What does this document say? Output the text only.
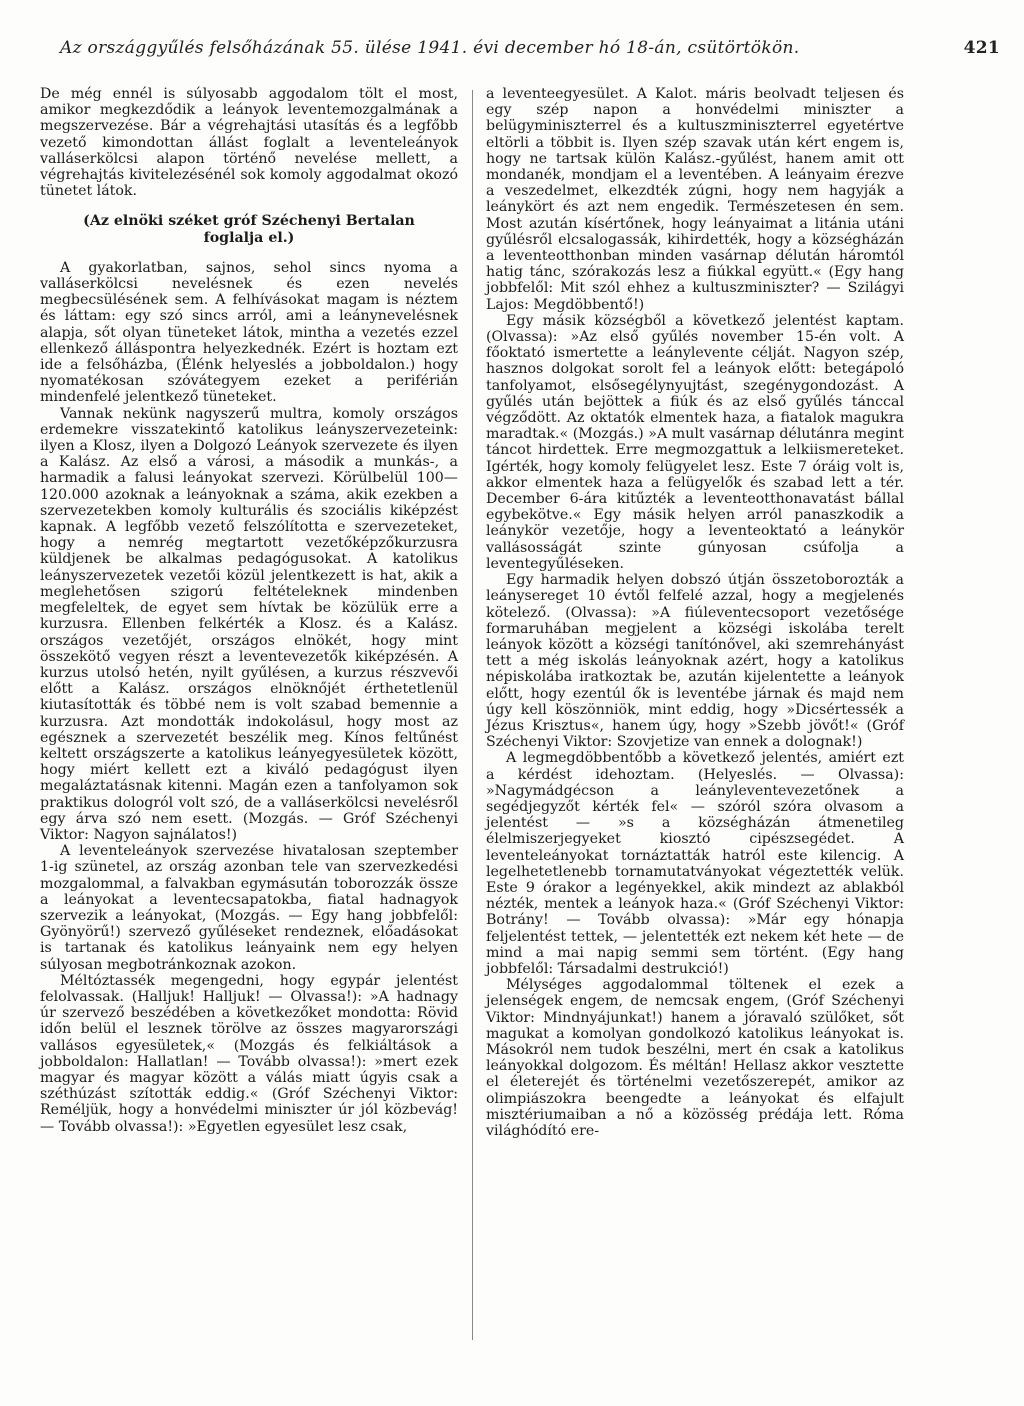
Az országgyűlés felsőházának 55. ülése 1941. évi december hó 18-án, csütörtökön.	421

De még ennél is súlyosabb aggodalom tölt el most, amikor megkezdődik a leányok leventemozgalmának a megszervezése. Bár a végrehajtási utasítás és a legfőbb vezető kimondottan állást foglalt a leventeleányok valláserkölcsi alapon történő nevelése mellett, a végrehajtás kivitelezésénél sok komoly aggodalmat okozó tünetet látok.

(Az elnöki széket gróf Széchenyi Bertalan foglalja el.)

A gyakorlatban, sajnos, sehol sincs nyoma a valláserkölcsi nevelésnek és ezen nevelés megbecsülésének sem. A felhívásokat magam is néztem és láttam: egy szó sincs arról, ami a leánynevelésnek alapja, sőt olyan tüneteket látok, mintha a vezetés ezzel ellenkező álláspontra helyezkednék. Ezért is hoztam ezt ide a felsőházba, (Élénk helyeslés a jobboldalon.) hogy nyomatékosan szóvátegyem ezeket a periférián mindenfelé jelentkező tüneteket.

Vannak nekünk nagyszerű multra, komoly országos erdemekre visszatekintő katolikus leányszervezeteink: ilyen a Klosz, ilyen a Dolgozó Leányok szervezete és ilyen a Kalász. Az első a városi, a második a munkás-, a harmadik a falusi leányokat szervezi. Körülbelül 100—120.000 azoknak a leányoknak a száma, akik ezekben a szervezetekben komoly kulturális és szociális kiképzést kapnak. A legfőbb vezető felszólította e szervezeteket, hogy a nemrég megtartott vezetőképzőkurzusra küldjenek be alkalmas pedagógusokat. A katolikus leányszervezetek vezetői közül jelentkezett is hat, akik a meglehetősen szigorú feltételeknek mindenben megfeleltek, de egyet sem hívtak be közülük erre a kurzusra. Ellenben felkérték a Klosz. és a Kalász. országos vezetőjét, országos elnökét, hogy mint összekötő vegyen részt a leventevezetők kiképzésén. A kurzus utolsó hetén, nyilt gyűlésen, a kurzus részvevői előtt a Kalász. országos elnöknőjét érthetetlenül kiutasították és többé nem is volt szabad bemennie a kurzusra. Azt mondották indokolásul, hogy most az egésznek a szervezetét beszélik meg. Kínos feltűnést keltett országszerte a katolikus leányegyesületek között, hogy miért kellett ezt a kiváló pedagógust ilyen megaláztatásnak kitenni. Magán ezen a tanfolyamon sok praktikus dologról volt szó, de a valláserkölcsi nevelésről egy árva szó nem esett. (Mozgás. — Gróf Széchenyi Viktor: Nagyon sajnálatos!)

A leventeleányok szervezése hivatalosan szeptember 1-ig szünetel, az ország azonban tele van szervezkedési mozgalommal, a falvakban egymásután toborozzák össze a leányokat a leventecsapatokba, fiatal hadnagyok szervezik a leányokat, (Mozgás. — Egy hang jobbfelől: Gyönyörű!) szervező gyűléseket rendeznek, előadásokat is tartanak és katolikus leányaink nem egy helyen súlyosan megbotránkoznak azokon.

Méltóztassék megengedni, hogy egypár jelentést felolvassak. (Halljuk! Halljuk! — Olvassa!): »A hadnagy úr szervező beszédében a következőket mondotta: Rövid időn belül el lesznek törölve az összes magyarországi vallásos egyesületek,« (Mozgás és felkiáltások a jobboldalon: Hallatlan! — Tovább olvassa!): »mert ezek magyar és magyar között a válás miatt úgyis csak a széthúzást szították eddig.« (Gróf Széchenyi Viktor: Reméljük, hogy a honvédelmi miniszter úr jól közbevág! — Tovább olvassa!): »Egyetlen egyesület lesz csak,

a leventeegyesület. A Kalot. máris beolvadt teljesen és egy szép napon a honvédelmi miniszter a belügyminiszterrel és a kultuszminiszterrel egyetértve eltörli a többit is. Ilyen szép szavak után kért engem is, hogy ne tartsak külön Kalász.-gyűlést, hanem amit ott mondanék, mondjam el a leventében. A leányaim érezve a veszedelmet, elkezdték zúgni, hogy nem hagyják a leánykört és azt nem engedik. Természetesen én sem. Most azután kísértőnek, hogy leányaimat a litánia utáni gyűlésről elcsalogassák, kihirdették, hogy a községházán a leventeotthonban minden vasárnap délután háromtól hatig tánc, szórakozás lesz a fiúkkal együtt.« (Egy hang jobbfelől: Mit szól ehhez a kultuszminiszter? — Szilágyi Lajos: Megdöbbentő!)

Egy másik községből a következő jelentést kaptam. (Olvassa): »Az első gyűlés november 15-én volt. A főoktató ismertette a leánylevente célját. Nagyon szép, hasznos dolgokat sorolt fel a leányok előtt: betegápoló tanfolyamot, elsősegélynyujtást, szegénygondozást. A gyűlés után bejöttek a fiúk és az első gyűlés tánccal végződött. Az oktatók elmentek haza, a fiatalok magukra maradtak.« (Mozgás.) »A mult vasárnap délutánra megint táncot hirdettek. Erre megmozgattuk a lelkiismereteket. Igérték, hogy komoly felügyelet lesz. Este 7 óráig volt is, akkor elmentek haza a felügyelők és szabad lett a tér. December 6-ára kitűzték a leventeotthonavatást bállal egybekötve.« Egy másik helyen arról panaszkodik a leánykör vezetője, hogy a leventeoktató a leánykör vallásosságát szinte gúnyosan csúfolja a leventegyűléseken.

Egy harmadik helyen dobszó útján összetoborozták a leánysereget 10 évtől felfelé azzal, hogy a megjelenés kötelező. (Olvassa): »A fiúleventecsoport vezetősége formaruhában megjelent a községi iskolába terelt leányok között a községi tanítónővel, aki szemrehányást tett a még iskolás leányoknak azért, hogy a katolikus népiskolába iratkoztak be, azután kijelentette a leányok előtt, hogy ezentúl ők is leventébe járnak és majd nem úgy kell köszönniök, mint eddig, hogy »Dicsértessék a Jézus Krisztus«, hanem úgy, hogy »Szebb jövőt!« (Gróf Széchenyi Viktor: Szovjetize van ennek a dolognak!)

A legmegdöbbentőbb a következő jelentés, amiért ezt a kérdést idehoztam. (Helyeslés. — Olvassa): »Nagymádgécson a leányleventevezetőnek a segédjegyzőt kérték fel« — szóról szóra olvasom a jelentést — »s a községházán átmenetileg élelmiszerjegyeket kiosztó cipészsegédet. A leventeleányokat tornáztatták hatról este kilencig. A legelhetetlenebb tornamutatványokat végeztették velük. Este 9 órakor a legényekkel, akik mindezt az ablakból nézték, mentek a leányok haza.« (Gróf Széchenyi Viktor: Botrány! — Tovább olvassa): »Már egy hónapja feljelentést tettek, — jelentették ezt nekem két hete — de mind a mai napig semmi sem történt. (Egy hang jobbfelől: Társadalmi destrukció!)

Mélységes aggodalommal töltenek el ezek a jelenségek engem, de nemcsak engem, (Gróf Széchenyi Viktor: Mindnyájunkat!) hanem a jóravaló szülőket, sőt magukat a komolyan gondolkozó katolikus leányokat is. Másokról nem tudok beszélni, mert én csak a katolikus leányokkal dolgozom. És méltán! Hellasz akkor vesztette el életerejét és történelmi vezetőszerepét, amikor az olimpiászokra beengedte a leányokat és elfajult misztériumaiban a nő a közösség prédája lett. Róma világhódító ere-
